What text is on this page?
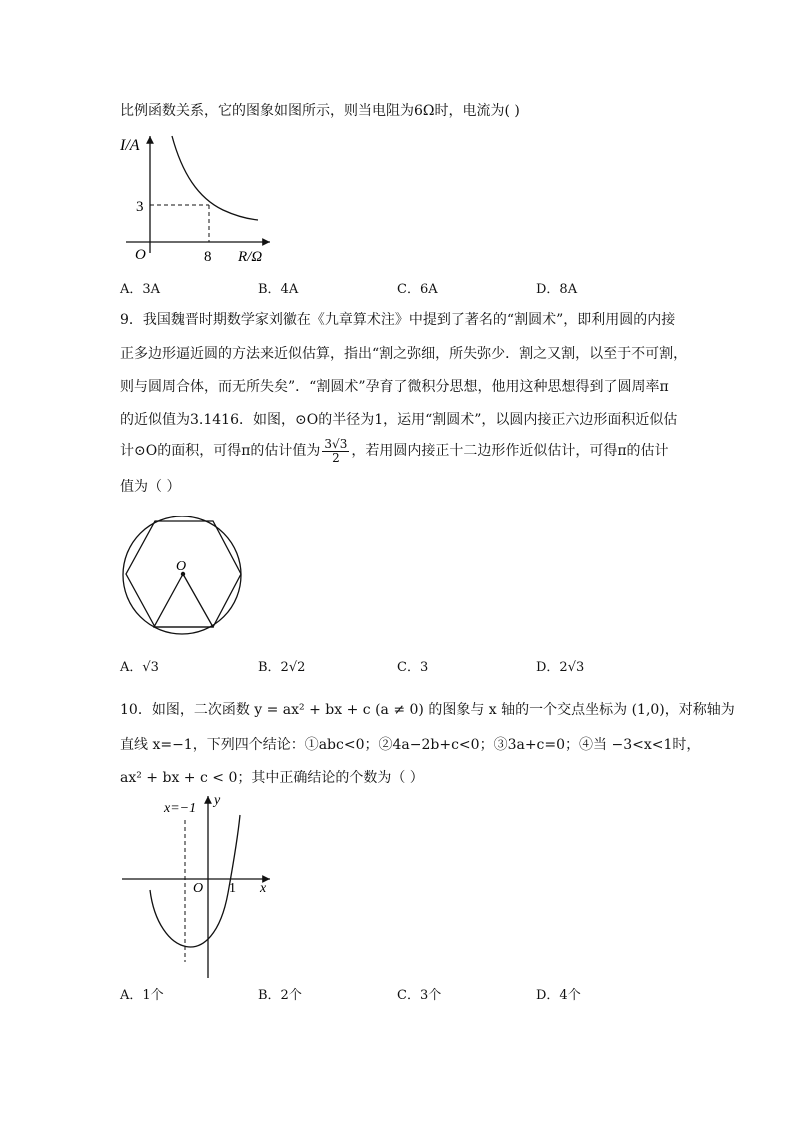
比例函数关系，它的图象如图所示，则当电阻为6Ω时，电流为( )
I/A
3
O	8 R/Ω
A．3A	B．4A	C．6A	D．8A
9．我国魏晋时期数学家刘徽在《九章算术注》中提到了著名的“割圆术”，即利用圆的内接
正多边形逼近圆的方法来近似估算，指出“割之弥细，所失弥少．割之又割，以至于不可割，
则与圆周合体，而无所失矣”．“割圆术”孕育了微积分思想，他用这种思想得到了圆周率π
的近似值为3.1416．如图，⊙O的半径为1，运用“割圆术”，以圆内接正六边形面积近似估
计⊙O的面积，可得π的估计值为 $\frac{3√3}{2}$ ，若用圆内接正十二边形作近似估计，可得π的估计
值为（ ）
O
A．√3	B．2√2	C．3	D．2√3
10．如图，二次函数 y = ax² + bx + c (a ≠ 0) 的图象与 x 轴的一个交点坐标为 (1,0)，对称轴为
直线 x=−1，下列四个结论：①abc<0；②4a−2b+c<0；③3a+c=0；④当 −3<x<1时，
ax² + bx + c < 0；其中正确结论的个数为（ ）
x=−1
y
O 1 x
A．1个	B．2个	C．3个	D．4个
